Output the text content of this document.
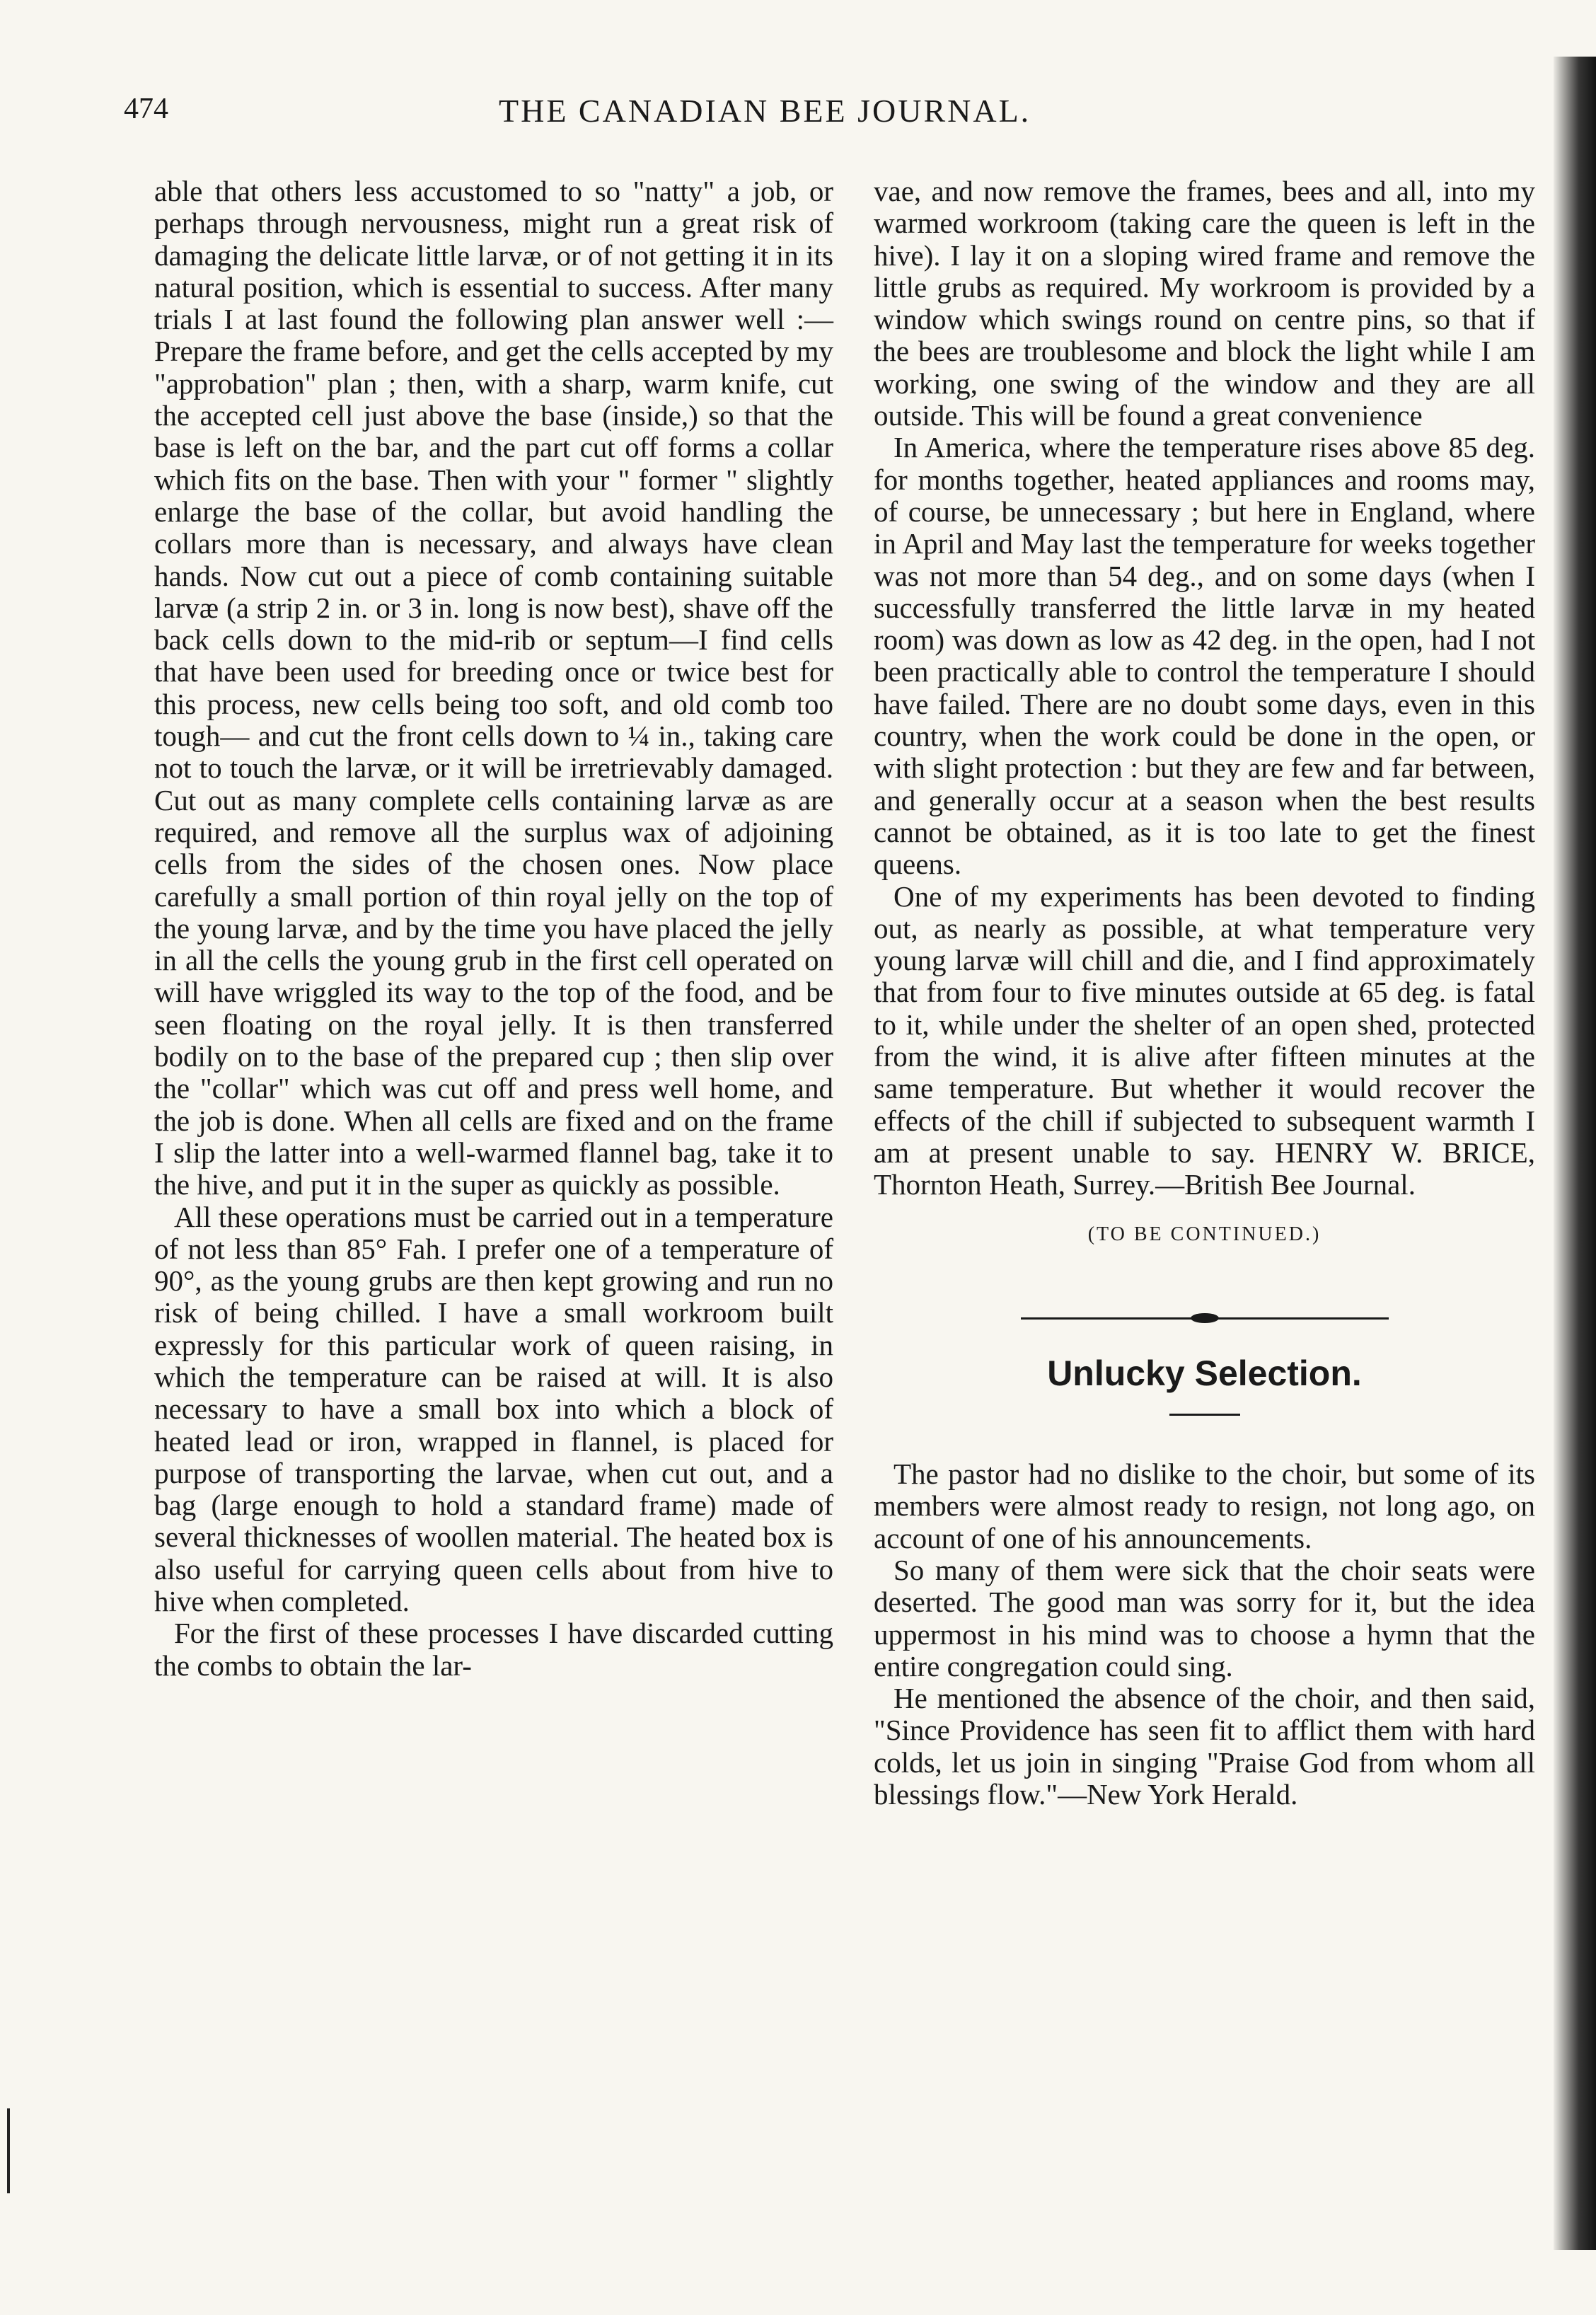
474	THE CANADIAN BEE JOURNAL.

able that others less accustomed to so "natty" a job, or perhaps through nervousness, might run a great risk of damaging the delicate little larvæ, or of not getting it in its natural position, which is essential to success. After many trials I at last found the following plan answer well :— Prepare the frame before, and get the cells accepted by my "approbation" plan ; then, with a sharp, warm knife, cut the accepted cell just above the base (inside,) so that the base is left on the bar, and the part cut off forms a collar which fits on the base. Then with your " former " slightly enlarge the base of the collar, but avoid handling the collars more than is necessary, and always have clean hands. Now cut out a piece of comb containing suitable larvæ (a strip 2 in. or 3 in. long is now best), shave off the back cells down to the mid-rib or septum—I find cells that have been used for breeding once or twice best for this process, new cells being too soft, and old comb too tough— and cut the front cells down to ¼ in., taking care not to touch the larvæ, or it will be irretrievably damaged. Cut out as many complete cells containing larvæ as are required, and remove all the surplus wax of adjoining cells from the sides of the chosen ones. Now place carefully a small portion of thin royal jelly on the top of the young larvæ, and by the time you have placed the jelly in all the cells the young grub in the first cell operated on will have wriggled its way to the top of the food, and be seen floating on the royal jelly. It is then transferred bodily on to the base of the prepared cup ; then slip over the "collar" which was cut off and press well home, and the job is done. When all cells are fixed and on the frame I slip the latter into a well-warmed flannel bag, take it to the hive, and put it in the super as quickly as possible.

All these operations must be carried out in a temperature of not less than 85° Fah. I prefer one of a temperature of 90°, as the young grubs are then kept growing and run no risk of being chilled. I have a small workroom built expressly for this particular work of queen raising, in which the temperature can be raised at will. It is also necessary to have a small box into which a block of heated lead or iron, wrapped in flannel, is placed for purpose of transporting the larvae, when cut out, and a bag (large enough to hold a standard frame) made of several thicknesses of woollen material. The heated box is also useful for carrying queen cells about from hive to hive when completed.

For the first of these processes I have discarded cutting the combs to obtain the lar-

vae, and now remove the frames, bees and all, into my warmed workroom (taking care the queen is left in the hive). I lay it on a sloping wired frame and remove the little grubs as required. My workroom is provided by a window which swings round on centre pins, so that if the bees are troublesome and block the light while I am working, one swing of the window and they are all outside. This will be found a great convenience

In America, where the temperature rises above 85 deg. for months together, heated appliances and rooms may, of course, be unnecessary ; but here in England, where in April and May last the temperature for weeks together was not more than 54 deg., and on some days (when I successfully transferred the little larvæ in my heated room) was down as low as 42 deg. in the open, had I not been practically able to control the temperature I should have failed. There are no doubt some days, even in this country, when the work could be done in the open, or with slight protection : but they are few and far between, and generally occur at a season when the best results cannot be obtained, as it is too late to get the finest queens.

One of my experiments has been devoted to finding out, as nearly as possible, at what temperature very young larvæ will chill and die, and I find approximately that from four to five minutes outside at 65 deg. is fatal to it, while under the shelter of an open shed, protected from the wind, it is alive after fifteen minutes at the same temperature. But whether it would recover the effects of the chill if subjected to subsequent warmth I am at present unable to say. HENRY W. BRICE, Thornton Heath, Surrey.—British Bee Journal.

(TO BE CONTINUED.)
Unlucky Selection.

The pastor had no dislike to the choir, but some of its members were almost ready to resign, not long ago, on account of one of his announcements.

So many of them were sick that the choir seats were deserted. The good man was sorry for it, but the idea uppermost in his mind was to choose a hymn that the entire congregation could sing.

He mentioned the absence of the choir, and then said, "Since Providence has seen fit to afflict them with hard colds, let us join in singing "Praise God from whom all blessings flow."—New York Herald.
